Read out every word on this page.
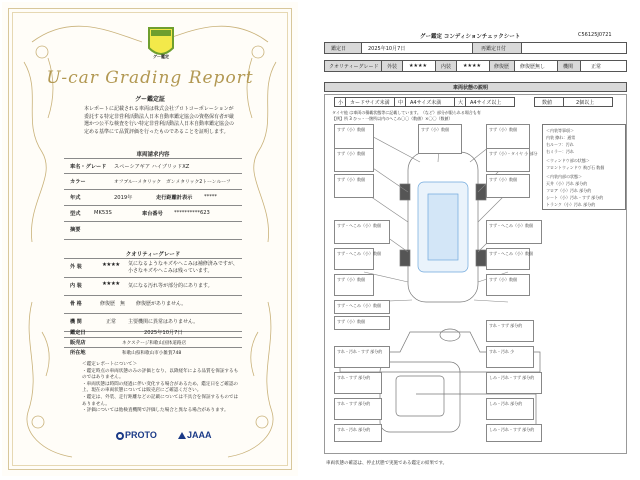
グー鑑定
U-car Grading Report
グー鑑定証
本レポートに記載される車両は株式会社プロトコーポレーションが委託する特定非営利活動法人日本自動車鑑定協会の資格保有者が厳選かつ公平な検査を行い特定非営利活動法人日本自動車鑑定協会の定める基準にて品質評価を行ったものであることを証明します。
車両請求内容
車名・グレード スペーシアギア ハイブリッドXZ
カラー	オフブルーメタリック　ガンメタリック2トーンルーフ
年式	2019年	走行距離計表示 *****
型式	MK53S	車台番号 **********623
摘要
クオリティーグレード
外 装	★★★★ 気になるようなキズやへこみは補修済みですが、小さなキズやへこみは残っています。
内 装	★★★★ 気になる汚れ等が部分的にあります。
骨 格	修復歴 無 修復歴がありません。
機 関	正常 主要機関に異常はありません。
鑑定日	2025年10月7日
販売店	ネクステージ和歌山国体道路店
所在地	和歌山県和歌山市小雑賀748
＜鑑定レポートについて＞
・鑑定時点の車両状態のみの評価となり、以降経年による品質を保証するものではありません。
・車両状態は時間の経過に伴い変化する場合があるため、鑑定日をご確認の上、現在の車両状態については販売店にご確認ください。
・鑑定は、外装、走行距離などの記載については不具合を保証するものではありません。
・評価については他検査機関で評価した場合と異なる場合があります。
PROTO	JAAA
グー鑑定 コンディションチェックシート	C56125J0721
鑑定日	2025年10月7日	再鑑定日付
クオリティーグレード 外装 ★★★★	内装 ★★★★	修復歴 修復歴無し	機関	正常
車両状態の説明
小 カードサイズ未満 中 A4サイズ未満	大 A4サイズ以上	数値	2個以上
タイヤ他 は車両の積載状態等に記載しています。（など）部分が限られる場合も有
【例】所 3 ひっ・一箇所以内のへこみ〇〇（数値）×〇〇（数値）
すず（小）数個	すず（小）数個	すず（小）数個
すず（小）数個	すず（小）・タイヤ 小 部分
すず（小）数個	すず（小）数個
すず・へこみ（小）数個	すず・へこみ（小）数個
すず・へこみ（小）数個	すず・へこみ（小）数個
すず（小）数個	すず（小）数個
すず・へこみ（小）数個
すず（小）数個
＜内装等事項＞
内装 擦れ：通常
右ルーフ：汚れ
右ミラー：汚れ
＜ウィンドウ部の状態＞
フロントウィンドウ 飛び石 数個
＜内装内部の状態＞
天井（小）汚れ 部分的
フロア（小）汚れ 部分的
シート（小）汚れ・すず 部分的
トランク（小）汚れ 部分的
すれ・すず 部分的
すれ・汚れ 少
すれ・汚れ・すず 部分的
しみ・汚れ・すず 部分的
すれ・すず 部分的
しみ・汚れ 部分的
すれ・すず 部分的
しみ・汚れ・すず 部分的
すれ・汚れ 部分的
車両状態の確認は、停止状態で実施である鑑定の結果です。
